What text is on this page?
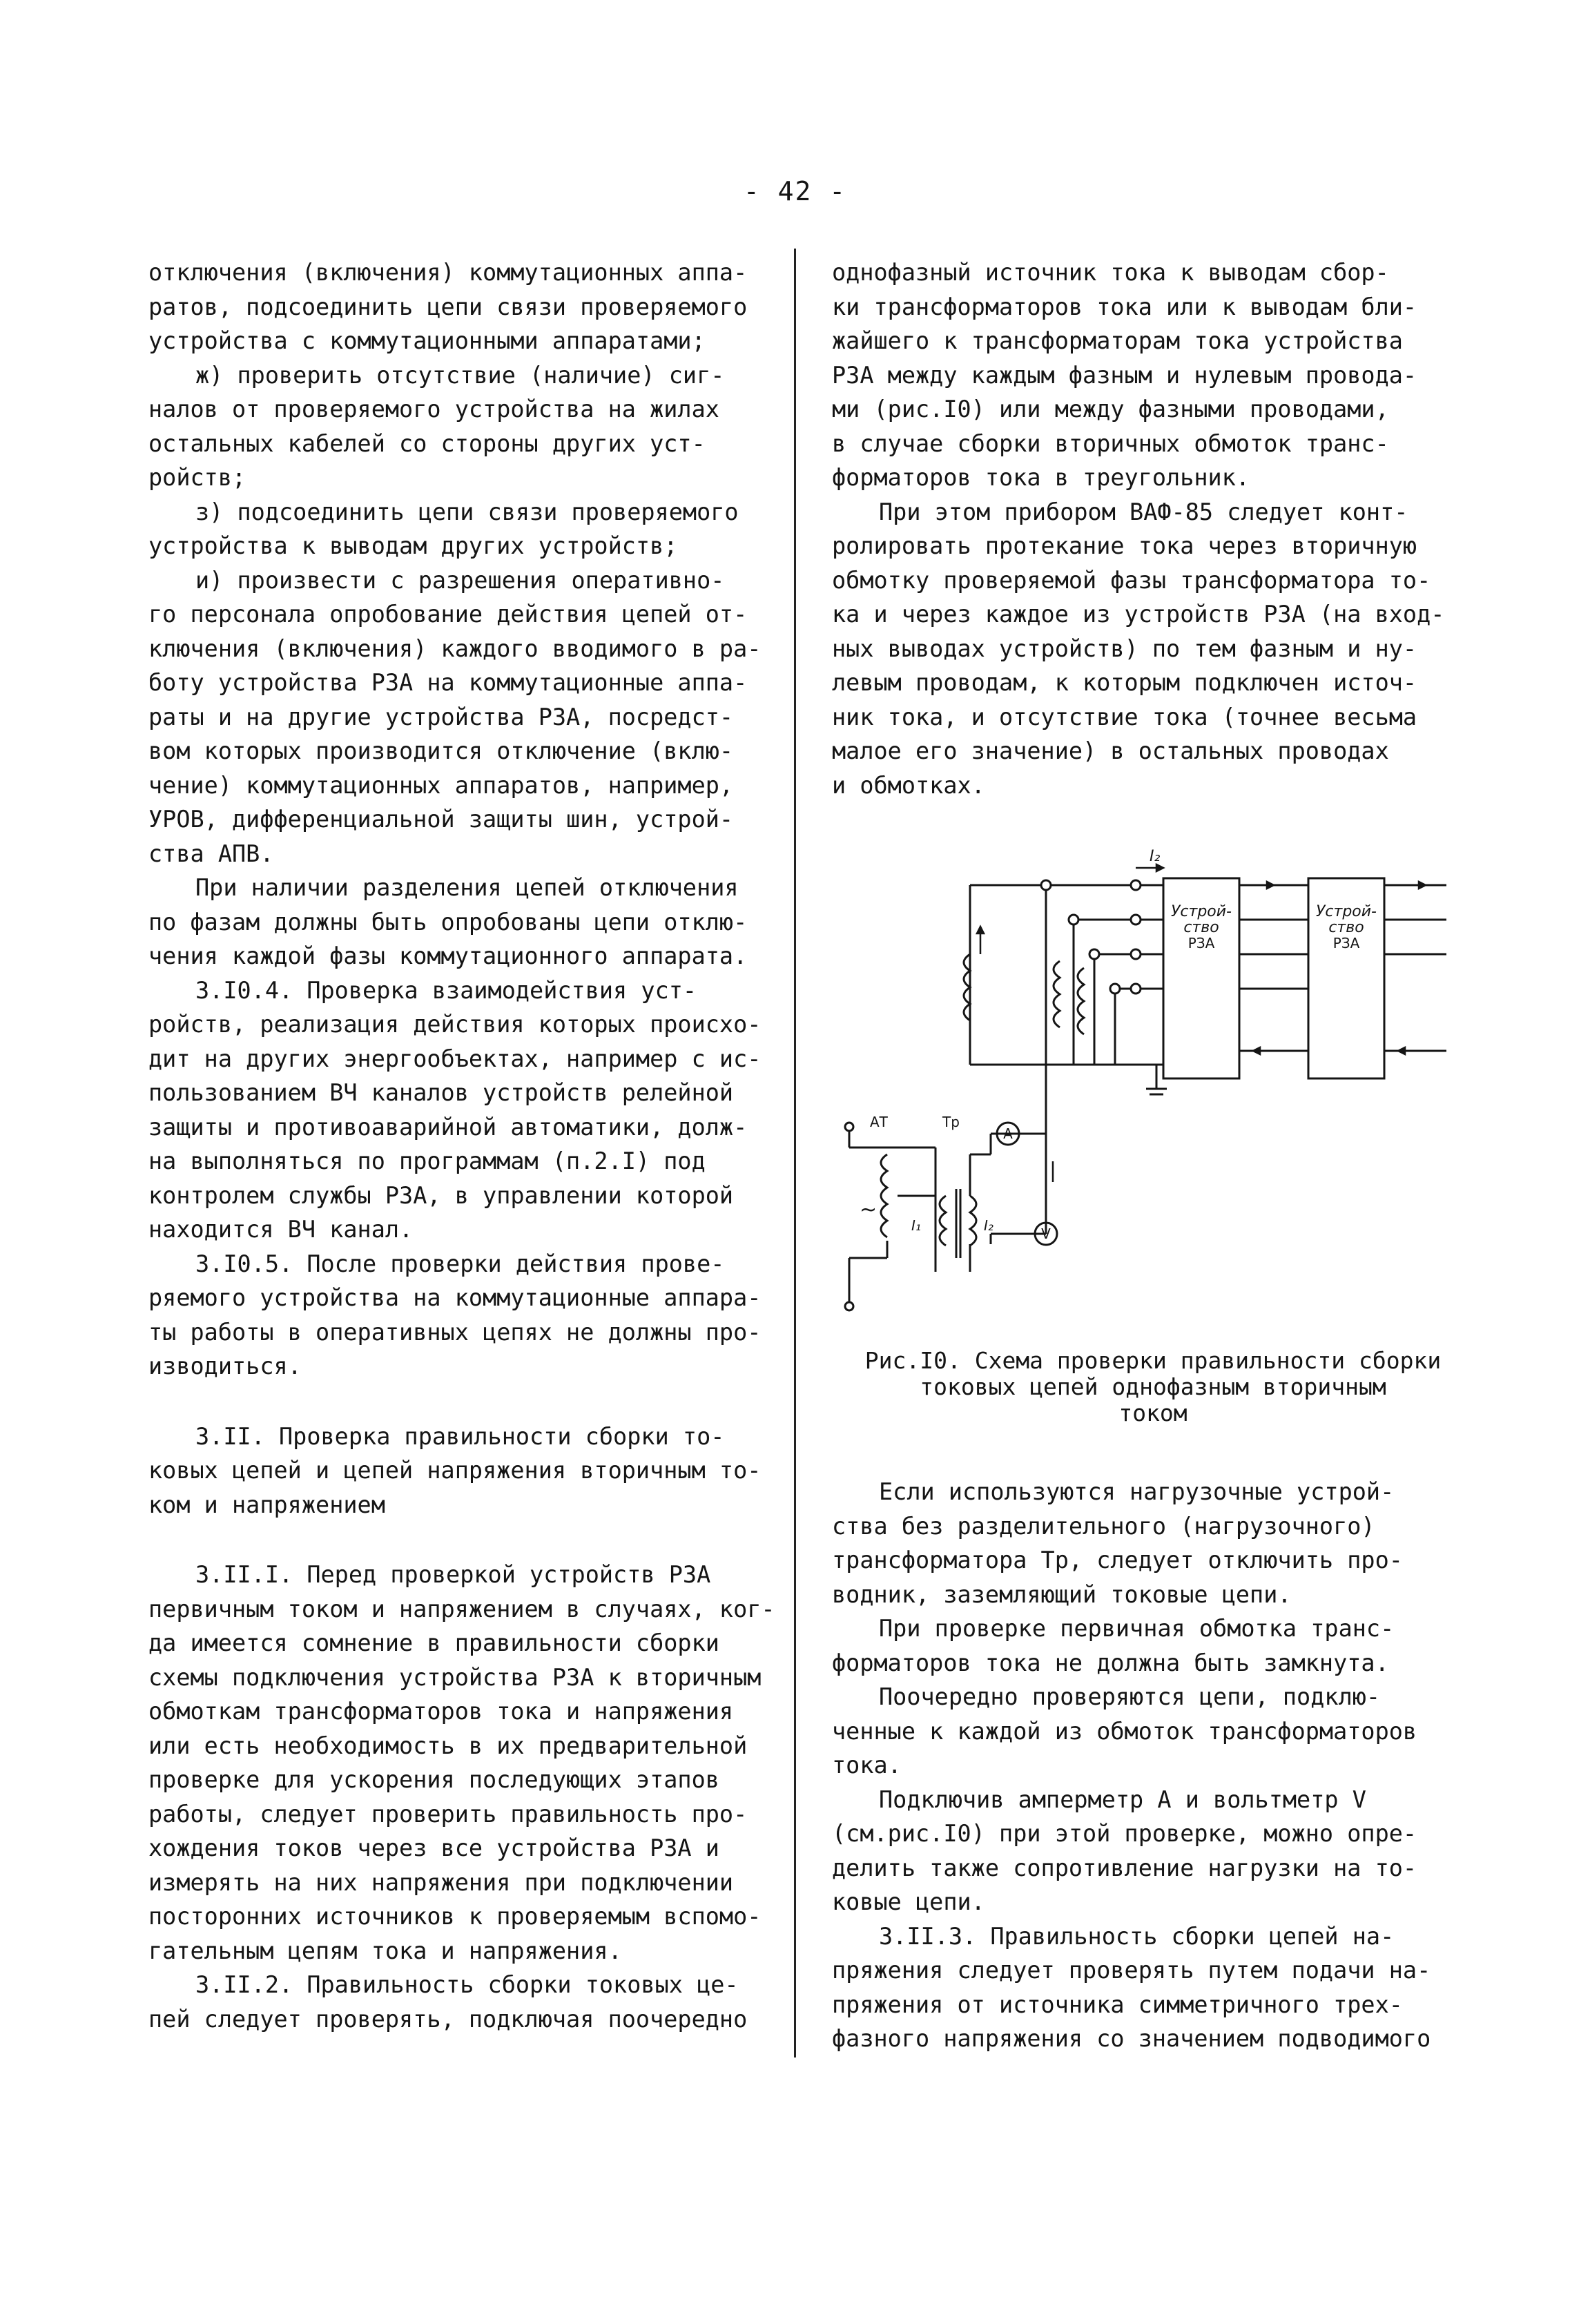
- 42 -

отключения (включения) коммутационных аппа-

ратов, подсоединить цепи связи проверяемого

устройства с коммутационными аппаратами;

ж) проверить отсутствие (наличие) сиг-

налов от проверяемого устройства на жилах

остальных кабелей со стороны других уст-

ройств;

з) подсоединить цепи связи проверяемого

устройства к выводам других устройств;

и) произвести с разрешения оперативно-

го персонала опробование действия цепей от-

ключения (включения) каждого вводимого в ра-

боту устройства РЗА на коммутационные аппа-

раты и на другие устройства РЗА, посредст-

вом которых производится отключение (вклю-

чение) коммутационных аппаратов, например,

УРОВ, дифференциальной защиты шин, устрой-

ства АПВ.

При наличии разделения цепей отключения

по фазам должны быть опробованы цепи отклю-

чения каждой фазы коммутационного аппарата.

3.I0.4. Проверка взаимодействия уст-

ройств, реализация действия которых происхо-

дит на других энергообъектах, например с ис-

пользованием ВЧ каналов устройств релейной

защиты и противоаварийной автоматики, долж-

на выполняться по программам (п.2.I) под

контролем службы РЗА, в управлении которой

находится ВЧ канал.

3.I0.5. После проверки действия прове-

ряемого устройства на коммутационные аппара-

ты работы в оперативных цепях не должны про-

изводиться.

3.II. Проверка правильности сборки то-

ковых цепей и цепей напряжения вторичным то-

ком и напряжением

3.II.I. Перед проверкой устройств РЗА

первичным током и напряжением в случаях, ког-

да имеется сомнение в правильности сборки

схемы подключения устройства РЗА к вторичным

обмоткам трансформаторов тока и напряжения

или есть необходимость в их предварительной

проверке для ускорения последующих этапов

работы, следует проверить правильность про-

хождения токов через все устройства РЗА и

измерять на них напряжения при подключении

посторонних источников к проверяемым вспомо-

гательным цепям тока и напряжения.

3.II.2. Правильность сборки токовых це-

пей следует проверять, подключая поочередно

однофазный источник тока к выводам сбор-

ки трансформаторов тока или к выводам бли-

жайшего к трансформаторам тока устройства

РЗА между каждым фазным и нулевым провода-

ми (рис.I0) или между фазными проводами,

в случае сборки вторичных обмоток транс-

форматоров тока в треугольник.

При этом прибором ВАФ-85 следует конт-

ролировать протекание тока через вторичную

обмотку проверяемой фазы трансформатора то-

ка и через каждое из устройств РЗА (на вход-

ных выводах устройств) по тем фазным и ну-

левым проводам, к которым подключен источ-

ник тока, и отсутствие тока (точнее весьма

малое его значение) в остальных проводах

и обмотках.

I₂
Устрой-
ство
РЗА
Устрой-
ство
РЗА
АТ	Тр
А
V
I₁	I₂
~
Рис.I0. Схема проверки правильности сборки
токовых цепей однофазным вторичным
током

Если используются нагрузочные устрой-

ства без разделительного (нагрузочного)

трансформатора Тр, следует отключить про-

водник, заземляющий токовые цепи.

При проверке первичная обмотка транс-

форматоров тока не должна быть замкнута.

Поочередно проверяются цепи, подклю-

ченные к каждой из обмоток трансформаторов

тока.

Подключив амперметр А и вольтметр V

(см.рис.I0) при этой проверке, можно опре-

делить также сопротивление нагрузки на то-

ковые цепи.

3.II.3. Правильность сборки цепей на-

пряжения следует проверять путем подачи на-

пряжения от источника симметричного трех-

фазного напряжения со значением подводимого
